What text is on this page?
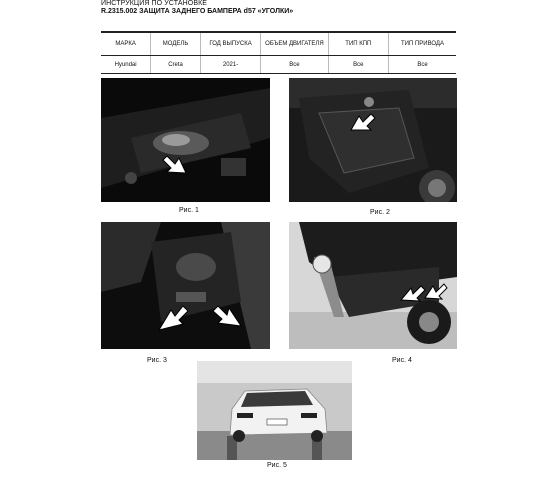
ИНСТРУКЦИЯ ПО УСТАНОВКЕ
R.2315.002 ЗАЩИТА ЗАДНЕГО БАМПЕРА d57 «УГОЛКИ»
МАРКА	МОДЕЛЬ	ГОД ВЫПУСКА	ОБЪЕМ ДВИГАТЕЛЯ	ТИП КПП	ТИП ПРИВОДА
Hyundai	Creta	2021-	Все	Все	Все
Рис. 1	Рис. 2
Рис. 3	Рис. 4
Рис. 5
